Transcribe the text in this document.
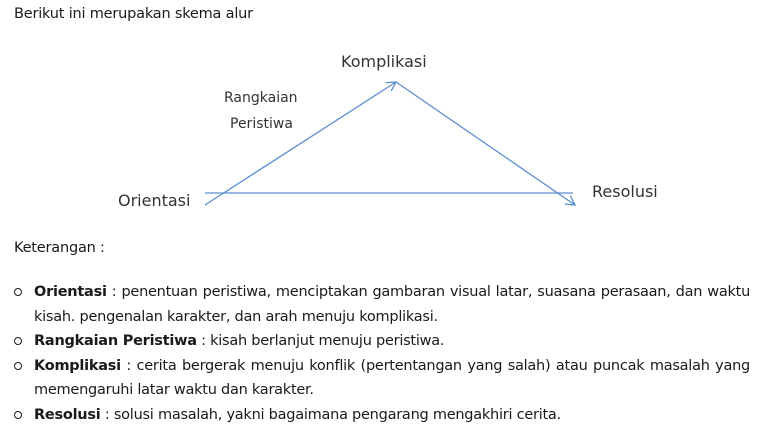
Berikut ini merupakan skema alur
Komplikasi
Rangkaian
Peristiwa
Orientasi	Resolusi
Keterangan :
Orientasi : penentuan peristiwa, menciptakan gambaran visual latar, suasana perasaan, dan waktu kisah. pengenalan karakter, dan arah menuju komplikasi.
Rangkaian Peristiwa : kisah berlanjut menuju peristiwa.
Komplikasi : cerita bergerak menuju konflik (pertentangan yang salah) atau puncak masalah yang memengaruhi latar waktu dan karakter.
Resolusi : solusi masalah, yakni bagaimana pengarang mengakhiri cerita.
